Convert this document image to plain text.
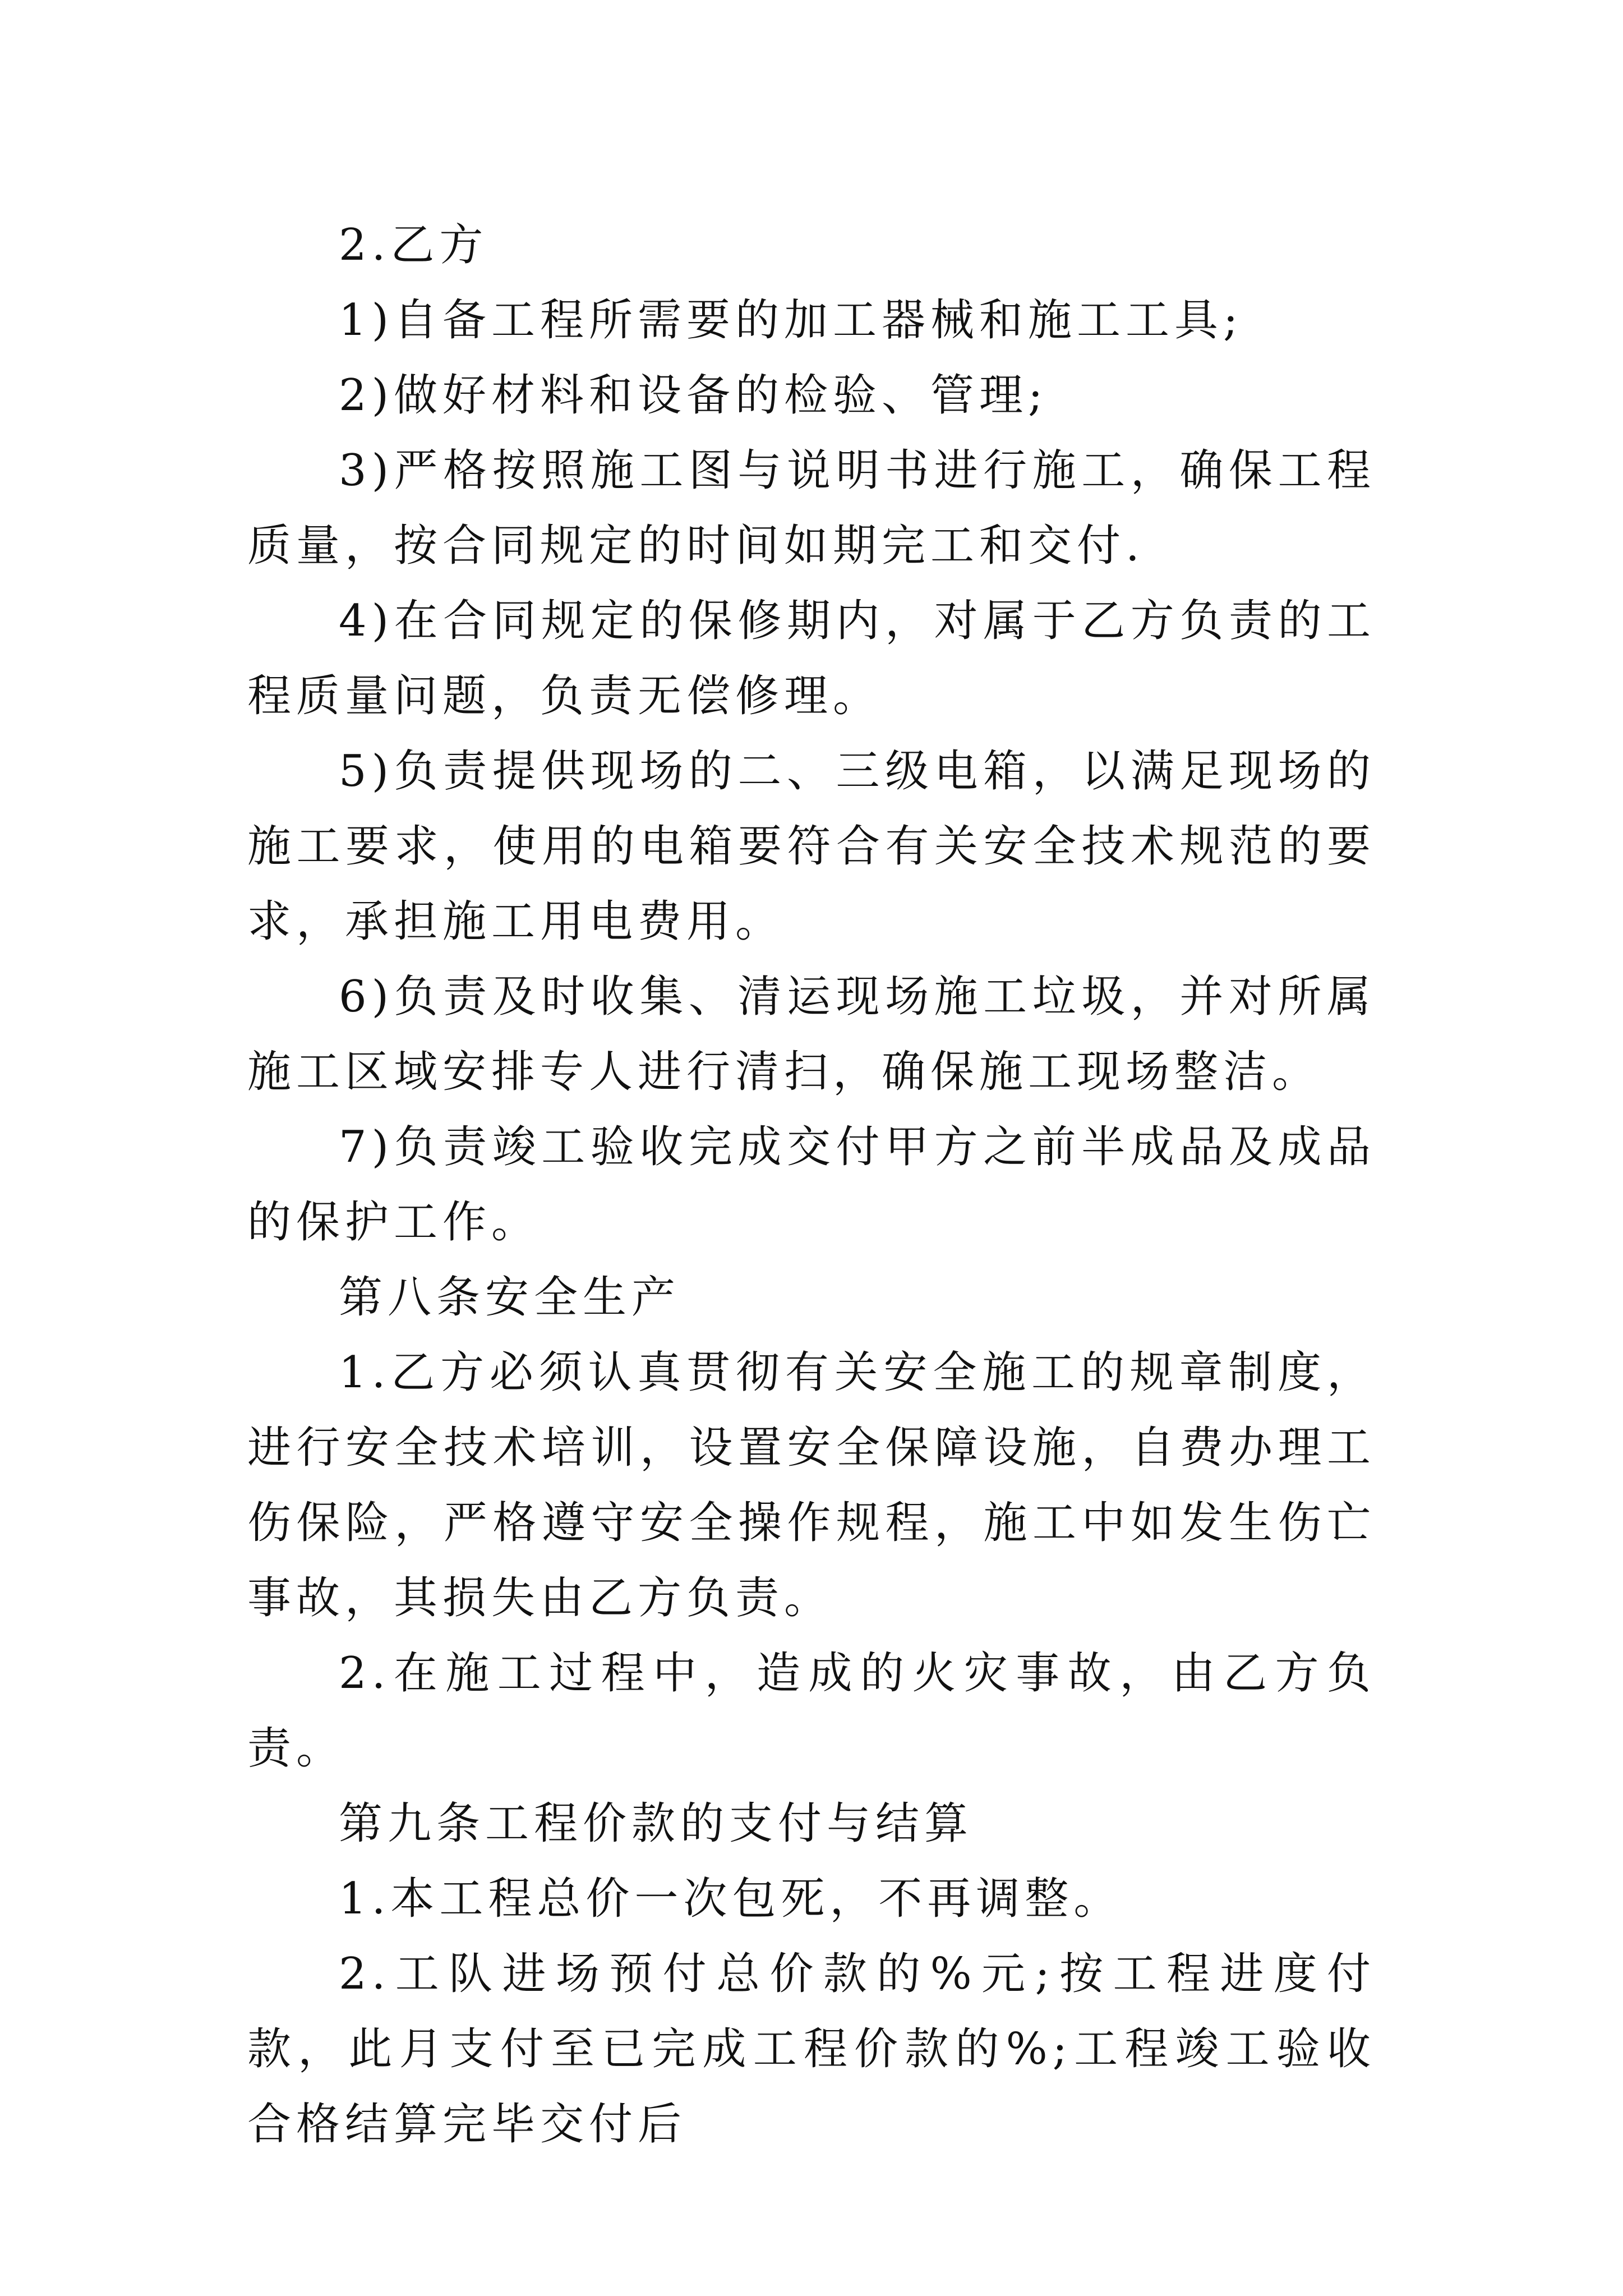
2.乙方

1)自备工程所需要的加工器械和施工工具;

2)做好材料和设备的检验、管理;

3)严格按照施工图与说明书进行施工，确保工程质量，按合同规定的时间如期完工和交付.

4)在合同规定的保修期内，对属于乙方负责的工程质量问题，负责无偿修理。

5)负责提供现场的二、三级电箱，以满足现场的施工要求，使用的电箱要符合有关安全技术规范的要求，承担施工用电费用。

6)负责及时收集、清运现场施工垃圾，并对所属施工区域安排专人进行清扫，确保施工现场整洁。

7)负责竣工验收完成交付甲方之前半成品及成品的保护工作。

第八条安全生产

1.乙方必须认真贯彻有关安全施工的规章制度，进行安全技术培训，设置安全保障设施，自费办理工伤保险，严格遵守安全操作规程，施工中如发生伤亡事故，其损失由乙方负责。

2.在施工过程中，造成的火灾事故，由乙方负责。

第九条工程价款的支付与结算

1.本工程总价一次包死，不再调整。

2.工队进场预付总价款的%元;按工程进度付款，此月支付至已完成工程价款的%;工程竣工验收合格结算完毕交付后
